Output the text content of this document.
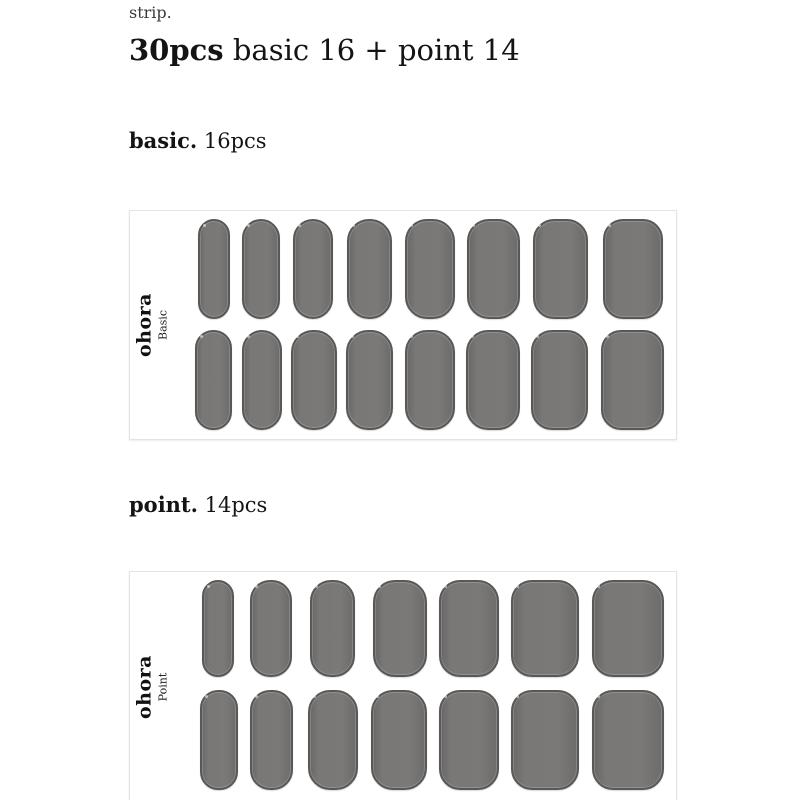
strip.
30pcs basic 16 + point 14
basic. 16pcs
ohora Basic
point. 14pcs
ohora Point
